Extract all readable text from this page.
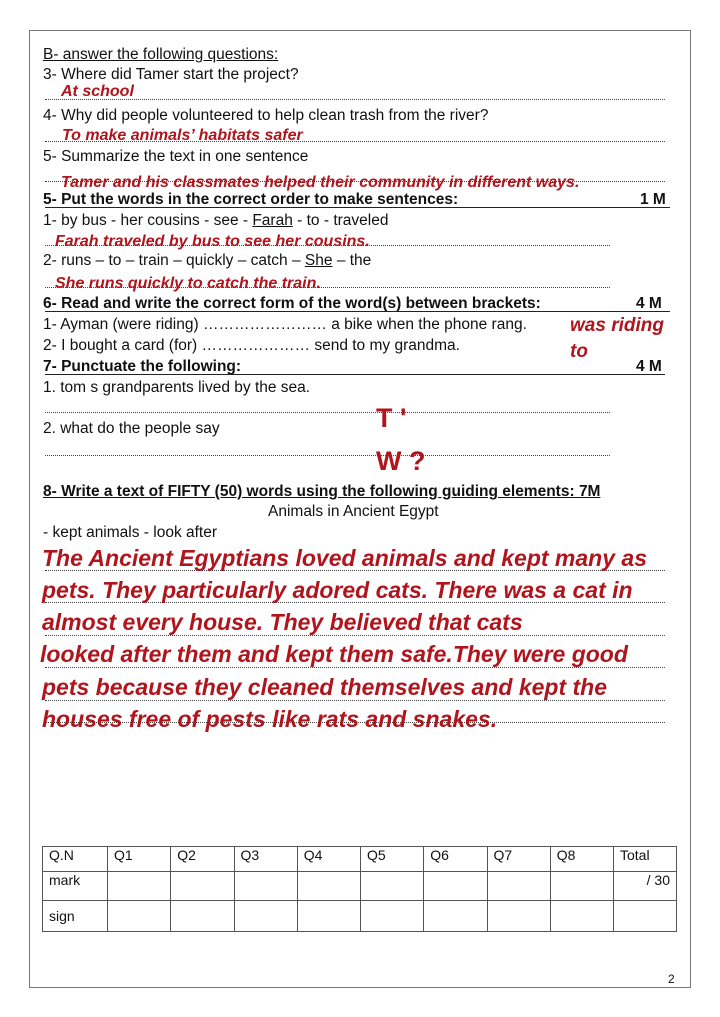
B- answer the following questions:
3- Where did Tamer start the project?
At school
4- Why did people volunteered to help clean trash from the river?
To make animals’ habitats safer
5- Summarize the text in one sentence
Tamer and his classmates helped their community in different ways.
5- Put the words in the correct order to make sentences:	1 M
1- by bus - her cousins - see - Farah - to - traveled
Farah traveled by bus to see her cousins.
2- runs – to – train – quickly – catch – She – the
She runs quickly to catch the train.
6- Read and write the correct form of the word(s) between brackets:	4 M
1- Ayman (were riding) …………………… a bike when the phone rang. was riding
2- I bought a card (for) ………………… send to my grandma.	to
7- Punctuate the following:	4 M
1. tom s grandparents lived by the sea.
2. what do the people say	T '
W ?
8- Write a text of FIFTY (50) words using the following guiding elements: 7M
Animals in Ancient Egypt
- kept animals - look after
The Ancient Egyptians loved animals and kept many as
pets. They particularly adored cats. There was a cat in
almost every house. They believed that cats
looked after them and kept them safe.They were good
pets because they cleaned themselves and kept the
houses free of pests like rats and snakes.
Q.N	Q1	Q2	Q3	Q4	Q5	Q6	Q7	Q8	Total
mark									/ 30
sign									
2
